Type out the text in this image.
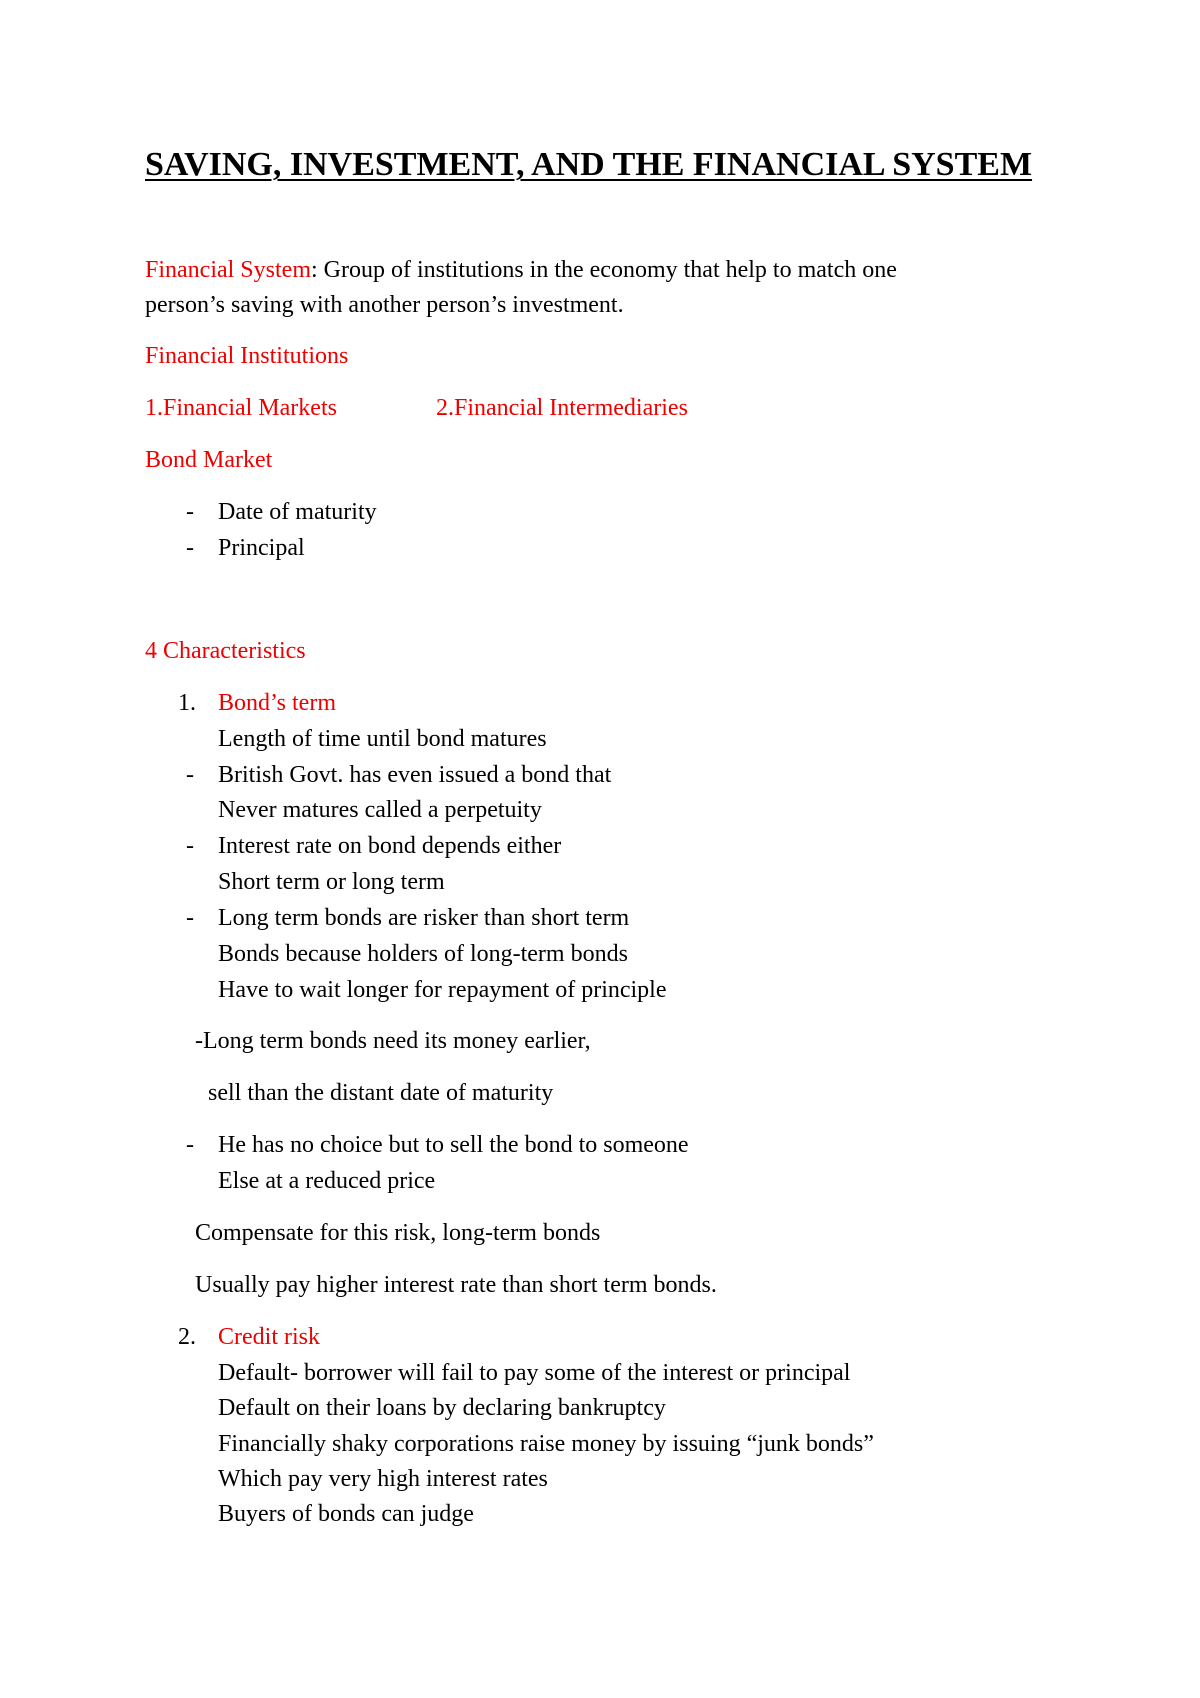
SAVING, INVESTMENT, AND THE FINANCIAL SYSTEM
Financial System: Group of institutions in the economy that help to match one
person’s saving with another person’s investment.
Financial Institutions
1.Financial Markets	2.Financial Intermediaries
Bond Market
- Date of maturity
- Principal
4 Characteristics
1. Bond’s term
Length of time until bond matures
- British Govt. has even issued a bond that
Never matures called a perpetuity
- Interest rate on bond depends either
Short term or long term
- Long term bonds are risker than short term
Bonds because holders of long-term bonds
Have to wait longer for repayment of principle
-Long term bonds need its money earlier,
sell than the distant date of maturity
- He has no choice but to sell the bond to someone
Else at a reduced price
Compensate for this risk, long-term bonds
Usually pay higher interest rate than short term bonds.
2. Credit risk
Default- borrower will fail to pay some of the interest or principal
Default on their loans by declaring bankruptcy
Financially shaky corporations raise money by issuing “junk bonds”
Which pay very high interest rates
Buyers of bonds can judge
